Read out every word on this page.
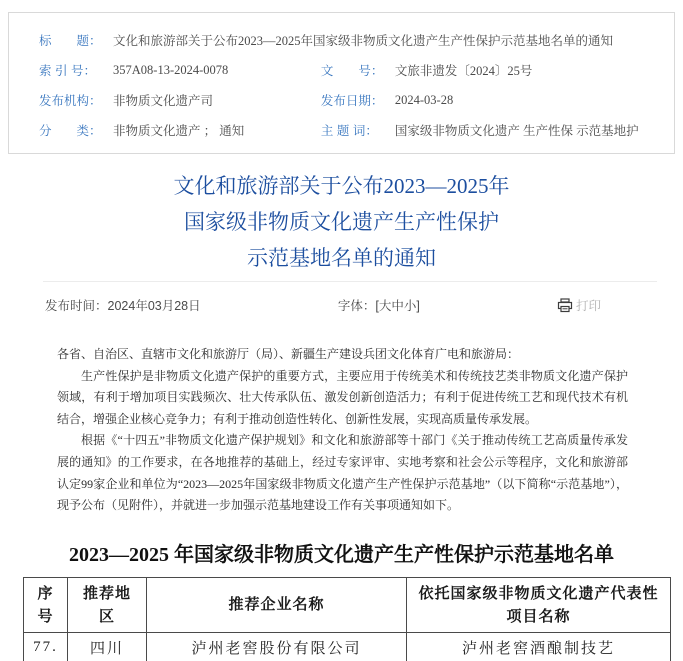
标　　题： 文化和旅游部关于公布2023—2025年国家级非物质文化遗产生产性保护示范基地名单的通知
索 引 号：	357A08-13-2024-0078	文　　号： 文旅非遗发〔2024〕25号
发布机构： 非物质文化遗产司	发布日期： 2024-03-28
分　　类： 非物质文化遗产 ； 通知	主 题 词：	国家级非物质文化遗产 生产性保 示范基地护
文化和旅游部关于公布2023—2025年
国家级非物质文化遗产生产性保护
示范基地名单的通知
发布时间：2024年03月28日	字体：[大中小]	打印

各省、自治区、直辖市文化和旅游厅（局）、新疆生产建设兵团文化体育广电和旅游局：

生产性保护是非物质文化遗产保护的重要方式，主要应用于传统美术和传统技艺类非物质文化遗产保护领域，有利于增加项目实践频次、壮大传承队伍、激发创新创造活力；有利于促进传统工艺和现代技术有机结合，增强企业核心竞争力；有利于推动创造性转化、创新性发展，实现高质量传承发展。

根据《“十四五”非物质文化遗产保护规划》和文化和旅游部等十部门《关于推动传统工艺高质量传承发展的通知》的工作要求，在各地推荐的基础上，经过专家评审、实地考察和社会公示等程序，文化和旅游部认定99家企业和单位为“2023—2025年国家级非物质文化遗产生产性保护示范基地”（以下简称“示范基地”），现予公布（见附件），并就进一步加强示范基地建设工作有关事项通知如下。

2023—2025 年国家级非物质文化遗产生产性保护示范基地名单
序号	推荐地区	推荐企业名称	依托国家级非物质文化遗产代表性项目名称
77.	四川	泸州老窖股份有限公司	泸州老窖酒酿制技艺
